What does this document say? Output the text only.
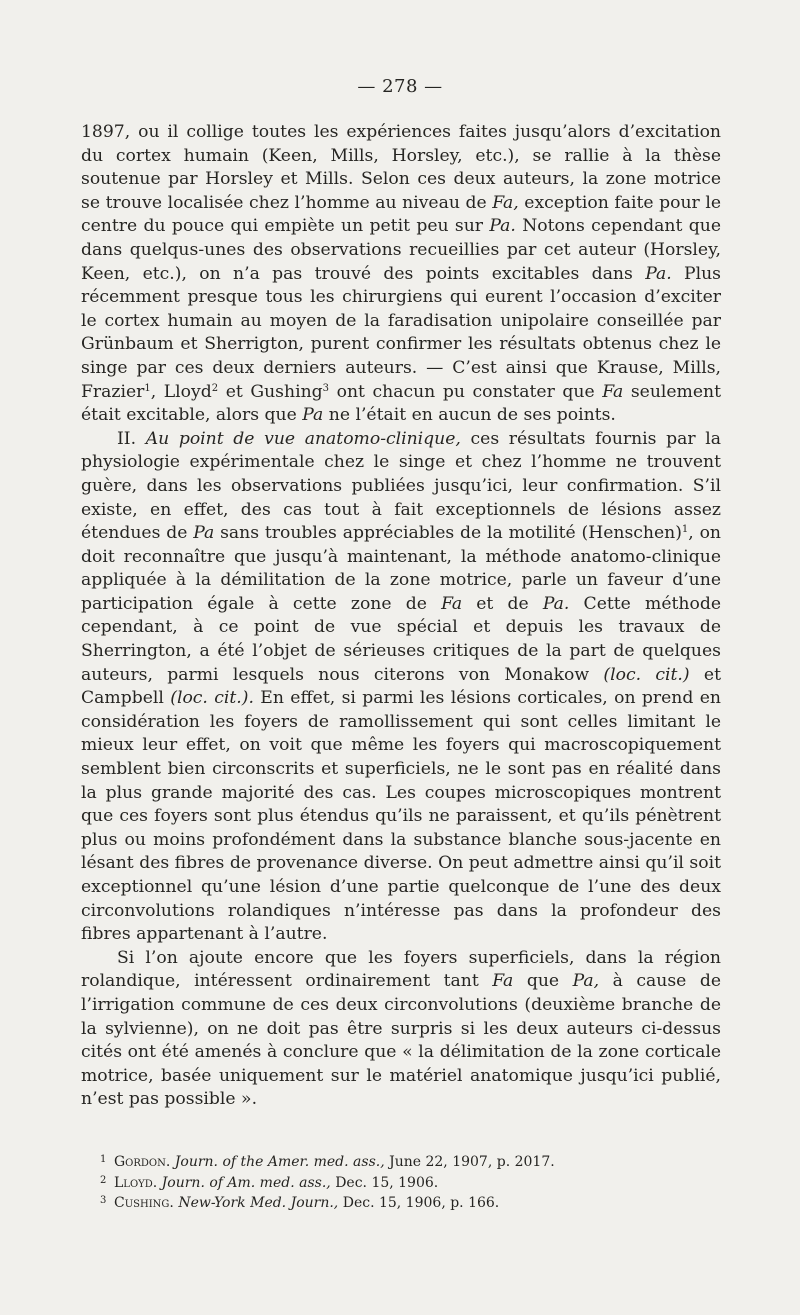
— 278 —

1897, ou il collige toutes les expériences faites jusqu’alors d’excitation du cortex humain (Keen, Mills, Horsley, etc.), se rallie à la thèse soutenue par Horsley et Mills. Selon ces deux auteurs, la zone motrice se trouve localisée chez l’homme au niveau de Fa, exception faite pour le centre du pouce qui empiète un petit peu sur Pa. Notons cependant que dans quelqus-unes des observations recueillies par cet auteur (Horsley, Keen, etc.), on n’a pas trouvé des points excitables dans Pa. Plus récemment presque tous les chirurgiens qui eurent l’occasion d’exciter le cortex humain au moyen de la faradisation unipolaire conseillée par Grünbaum et Sherrigton, purent confirmer les résultats obtenus chez le singe par ces deux derniers auteurs. — C’est ainsi que Krause, Mills, Frazier$^1$, Lloyd$^2$ et Gushing$^3$ ont chacun pu constater que Fa seulement était excitable, alors que Pa ne l’était en aucun de ses points.

II. Au point de vue anatomo-clinique, ces résultats fournis par la physiologie expérimentale chez le singe et chez l’homme ne trouvent guère, dans les observations publiées jusqu’ici, leur confirmation. S’il existe, en effet, des cas tout à fait exceptionnels de lésions assez étendues de Pa sans troubles appréciables de la motilité (Henschen)$^1$, on doit reconnaître que jusqu’à maintenant, la méthode anatomo-clinique appliquée à la démilitation de la zone motrice, parle un faveur d’une participation égale à cette zone de Fa et de Pa. Cette méthode cependant, à ce point de vue spécial et depuis les travaux de Sherrington, a été l’objet de sérieuses critiques de la part de quelques auteurs, parmi lesquels nous citerons von Monakow (loc. cit.) et Campbell (loc. cit.). En effet, si parmi les lésions corticales, on prend en considération les foyers de ramollissement qui sont celles limitant le mieux leur effet, on voit que même les foyers qui macroscopiquement semblent bien circonscrits et superficiels, ne le sont pas en réalité dans la plus grande majorité des cas. Les coupes microscopiques montrent que ces foyers sont plus étendus qu’ils ne paraissent, et qu’ils pénètrent plus ou moins profondément dans la substance blanche sous-jacente en lésant des fibres de provenance diverse. On peut admettre ainsi qu’il soit exceptionnel qu’une lésion d’une partie quelconque de l’une des deux circonvolutions rolandiques n’intéresse pas dans la profondeur des fibres appartenant à l’autre.

Si l’on ajoute encore que les foyers superficiels, dans la région rolandique, intéressent ordinairement tant Fa que Pa, à cause de l’irrigation commune de ces deux circonvolutions (deuxième branche de la sylvienne), on ne doit pas être surpris si les deux auteurs ci-dessus cités ont été amenés à conclure que « la délimitation de la zone corticale motrice, basée uniquement sur le matériel anatomique jusqu’ici publié, n’est pas possible ».

1 Gordon. Journ. of the Amer. med. ass., June 22, 1907, p. 2017.
2 Lloyd. Journ. of Am. med. ass., Dec. 15, 1906.
3 Cushing. New-York Med. Journ., Dec. 15, 1906, p. 166.
